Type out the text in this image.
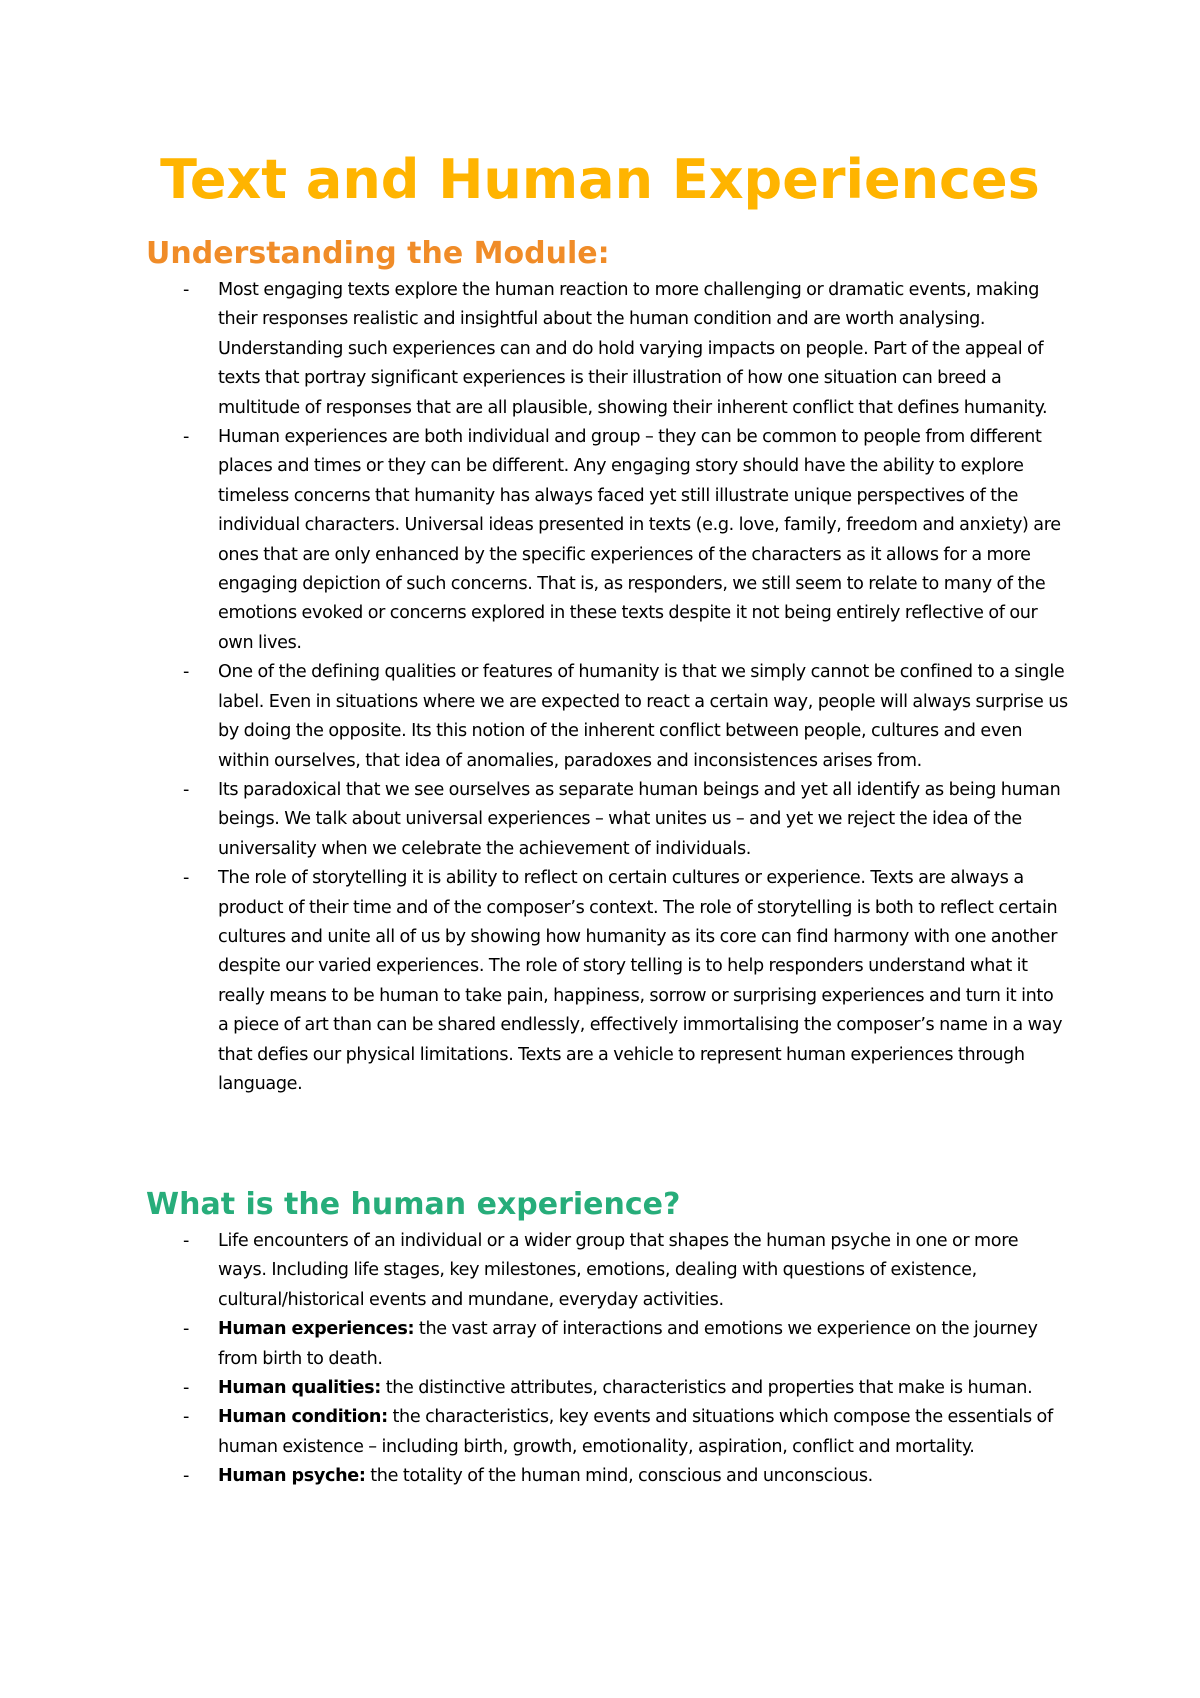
Text and Human Experiences
Understanding the Module:
- Most engaging texts explore the human reaction to more challenging or dramatic events, making their responses realistic and insightful about the human condition and are worth analysing. Understanding such experiences can and do hold varying impacts on people. Part of the appeal of texts that portray significant experiences is their illustration of how one situation can breed a multitude of responses that are all plausible, showing their inherent conflict that defines humanity.
- Human experiences are both individual and group – they can be common to people from different places and times or they can be different. Any engaging story should have the ability to explore timeless concerns that humanity has always faced yet still illustrate unique perspectives of the individual characters. Universal ideas presented in texts (e.g. love, family, freedom and anxiety) are ones that are only enhanced by the specific experiences of the characters as it allows for a more engaging depiction of such concerns. That is, as responders, we still seem to relate to many of the emotions evoked or concerns explored in these texts despite it not being entirely reflective of our own lives.
- One of the defining qualities or features of humanity is that we simply cannot be confined to a single label. Even in situations where we are expected to react a certain way, people will always surprise us by doing the opposite. Its this notion of the inherent conflict between people, cultures and even within ourselves, that idea of anomalies, paradoxes and inconsistences arises from.
- Its paradoxical that we see ourselves as separate human beings and yet all identify as being human beings. We talk about universal experiences – what unites us – and yet we reject the idea of the universality when we celebrate the achievement of individuals.
- The role of storytelling it is ability to reflect on certain cultures or experience. Texts are always a product of their time and of the composer’s context. The role of storytelling is both to reflect certain cultures and unite all of us by showing how humanity as its core can find harmony with one another despite our varied experiences. The role of story telling is to help responders understand what it really means to be human to take pain, happiness, sorrow or surprising experiences and turn it into a piece of art than can be shared endlessly, effectively immortalising the composer’s name in a way that defies our physical limitations. Texts are a vehicle to represent human experiences through language.
What is the human experience?
- Life encounters of an individual or a wider group that shapes the human psyche in one or more ways. Including life stages, key milestones, emotions, dealing with questions of existence, cultural/historical events and mundane, everyday activities.
- Human experiences: the vast array of interactions and emotions we experience on the journey from birth to death.
- Human qualities: the distinctive attributes, characteristics and properties that make is human.
- Human condition: the characteristics, key events and situations which compose the essentials of human existence – including birth, growth, emotionality, aspiration, conflict and mortality.
- Human psyche: the totality of the human mind, conscious and unconscious.
